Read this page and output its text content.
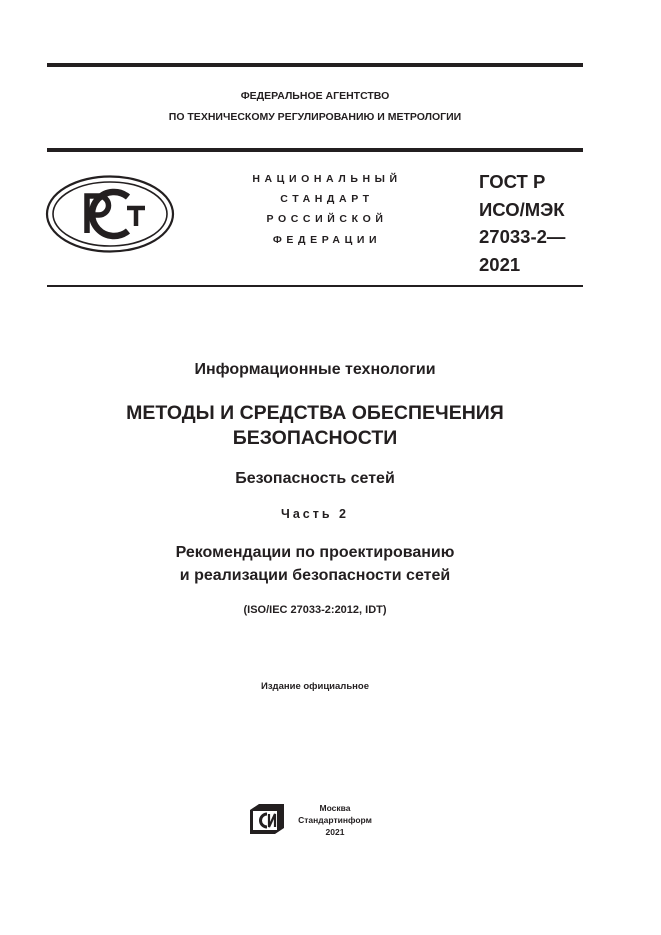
ФЕДЕРАЛЬНОЕ АГЕНТСТВО
ПО ТЕХНИЧЕСКОМУ РЕГУЛИРОВАНИЮ И МЕТРОЛОГИИ
НАЦИОНАЛЬНЫЙ
СТАНДАРТ
РОССИЙСКОЙ
ФЕДЕРАЦИИ
ГОСТ Р
ИСО/МЭК
27033-2—
2021
Информационные технологии
МЕТОДЫ И СРЕДСТВА ОБЕСПЕЧЕНИЯ
БЕЗОПАСНОСТИ
Безопасность сетей
Часть 2
Рекомендации по проектированию
и реализации безопасности сетей
(ISO/IEC 27033-2:2012, IDT)
Издание официальное
Москва
Стандартинформ
2021
